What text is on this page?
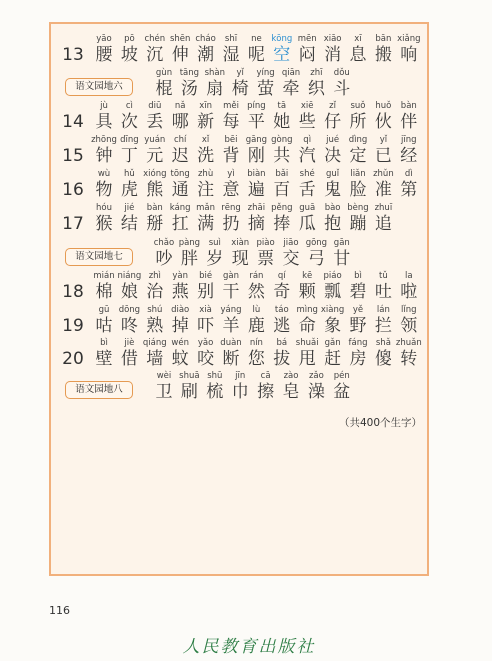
13
yāo
腰
pō
坡
chén
沉
shēn
伸
cháo
潮
shī
湿
ne
呢
kōng
空
mēn
闷
xiāo
消
xī
息
bān
搬
xiǎng
响
语文园地六
gùn
棍
tāng
汤
shàn
扇
yǐ
椅
yíng
萤
qiān
牵
zhī
织
dǒu
斗
14
jù
具
cì
次
diū
丢
nǎ
哪
xīn
新
měi
每
píng
平
tā
她
xiē
些
zǐ
仔
suǒ
所
huǒ
伙
bàn
伴
15
zhōng
钟
dīng
丁
yuán
元
chí
迟
xǐ
洗
bēi
背
gāng
刚
gòng
共
qì
汽
jué
决
dìng
定
yǐ
已
jīng
经
16
wù
物
hǔ
虎
xióng
熊
tōng
通
zhù
注
yì
意
biàn
遍
bǎi
百
shé
舌
guǐ
鬼
liǎn
脸
zhǔn
准
dì
第
17
hóu
猴
jié
结
bàn
掰
káng
扛
mǎn
满
rēng
扔
zhāi
摘
pěng
捧
guā
瓜
bào
抱
bèng
蹦
zhuī
追
语文园地七
chǎo
吵
pàng
胖
suì
岁
xiàn
现
piào
票
jiāo
交
gōng
弓
gān
甘
18
mián
棉
niáng
娘
zhì
治
yàn
燕
bié
别
gàn
干
rán
然
qí
奇
kē
颗
piáo
瓢
bì
碧
tǔ
吐
la
啦
19
gū
咕
dōng
咚
shú
熟
diào
掉
xià
吓
yáng
羊
lù
鹿
táo
逃
mìng
命
xiàng
象
yě
野
lán
拦
lǐng
领
20
bì
壁
jiè
借
qiáng
墙
wén
蚊
yǎo
咬
duàn
断
nín
您
bá
拔
shuǎi
甩
gǎn
赶
fáng
房
shǎ
傻
zhuǎn
转
语文园地八
wèi
卫
shuā
刷
shū
梳
jīn
巾
cā
擦
zào
皂
zǎo
澡
pén
盆
（共400个生字）
116
人民教育出版社
